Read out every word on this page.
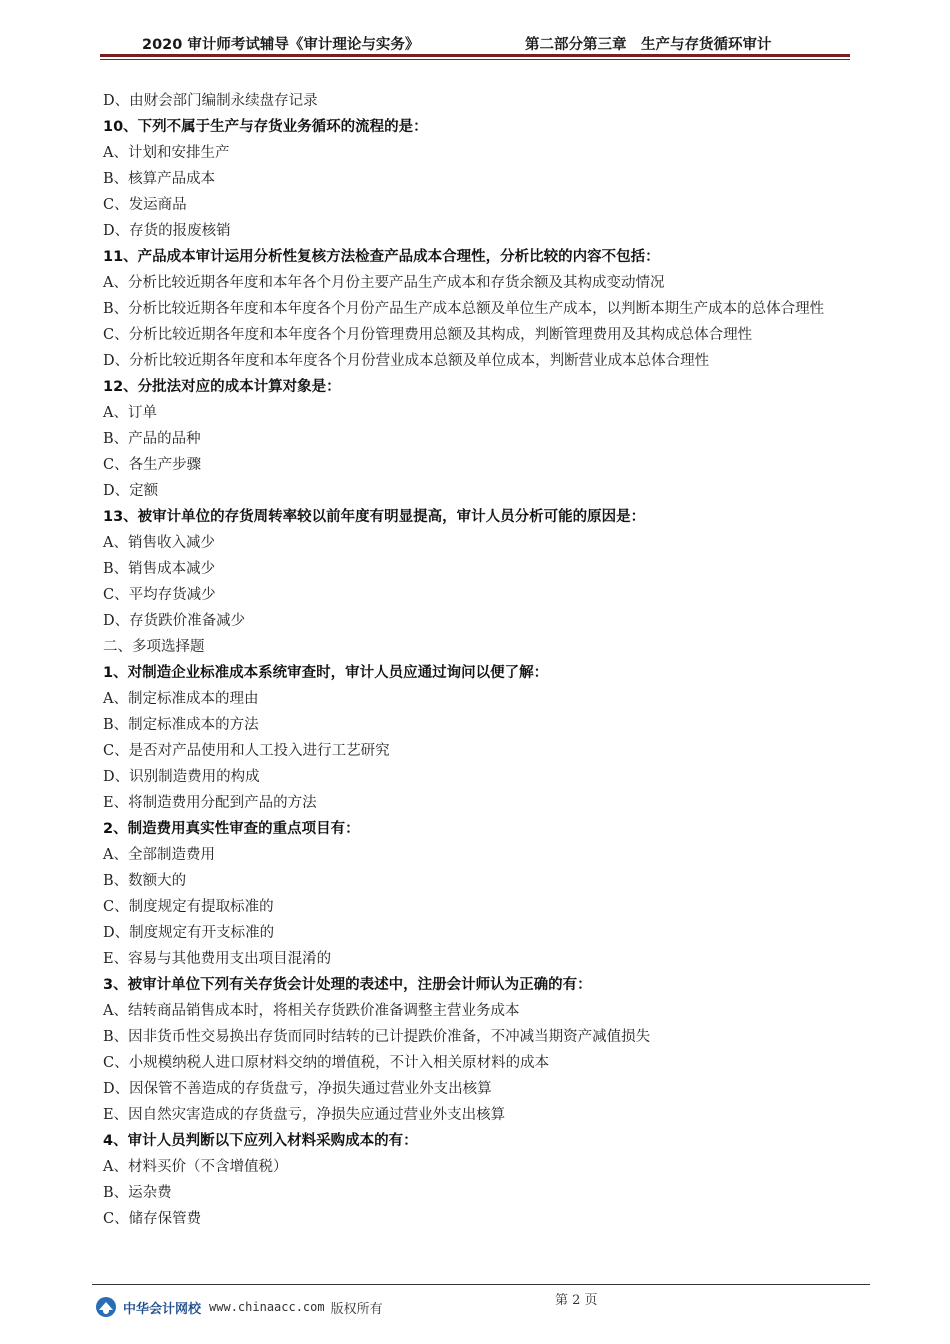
2020 审计师考试辅导《审计理论与实务》	第二部分第三章　生产与存货循环审计
D、由财会部门编制永续盘存记录
10、下列不属于生产与存货业务循环的流程的是：
A、计划和安排生产
B、核算产品成本
C、发运商品
D、存货的报废核销
11、产品成本审计运用分析性复核方法检查产品成本合理性，分析比较的内容不包括：
A、分析比较近期各年度和本年各个月份主要产品生产成本和存货余额及其构成变动情况
B、分析比较近期各年度和本年度各个月份产品生产成本总额及单位生产成本，以判断本期生产成本的总体合理性
C、分析比较近期各年度和本年度各个月份管理费用总额及其构成，判断管理费用及其构成总体合理性
D、分析比较近期各年度和本年度各个月份营业成本总额及单位成本，判断营业成本总体合理性
12、分批法对应的成本计算对象是：
A、订单
B、产品的品种
C、各生产步骤
D、定额
13、被审计单位的存货周转率较以前年度有明显提高，审计人员分析可能的原因是：
A、销售收入减少
B、销售成本减少
C、平均存货减少
D、存货跌价准备减少
二、多项选择题
1、对制造企业标准成本系统审查时，审计人员应通过询问以便了解：
A、制定标准成本的理由
B、制定标准成本的方法
C、是否对产品使用和人工投入进行工艺研究
D、识别制造费用的构成
E、将制造费用分配到产品的方法
2、制造费用真实性审查的重点项目有：
A、全部制造费用
B、数额大的
C、制度规定有提取标准的
D、制度规定有开支标准的
E、容易与其他费用支出项目混淆的
3、被审计单位下列有关存货会计处理的表述中，注册会计师认为正确的有：
A、结转商品销售成本时，将相关存货跌价准备调整主营业务成本
B、因非货币性交易换出存货而同时结转的已计提跌价准备，不冲减当期资产减值损失
C、小规模纳税人进口原材料交纳的增值税，不计入相关原材料的成本
D、因保管不善造成的存货盘亏，净损失通过营业外支出核算
E、因自然灾害造成的存货盘亏，净损失应通过营业外支出核算
4、审计人员判断以下应列入材料采购成本的有：
A、材料买价（不含增值税）
B、运杂费
C、储存保管费
第 2 页
中华会计网校 www.chinaacc.com 版权所有
